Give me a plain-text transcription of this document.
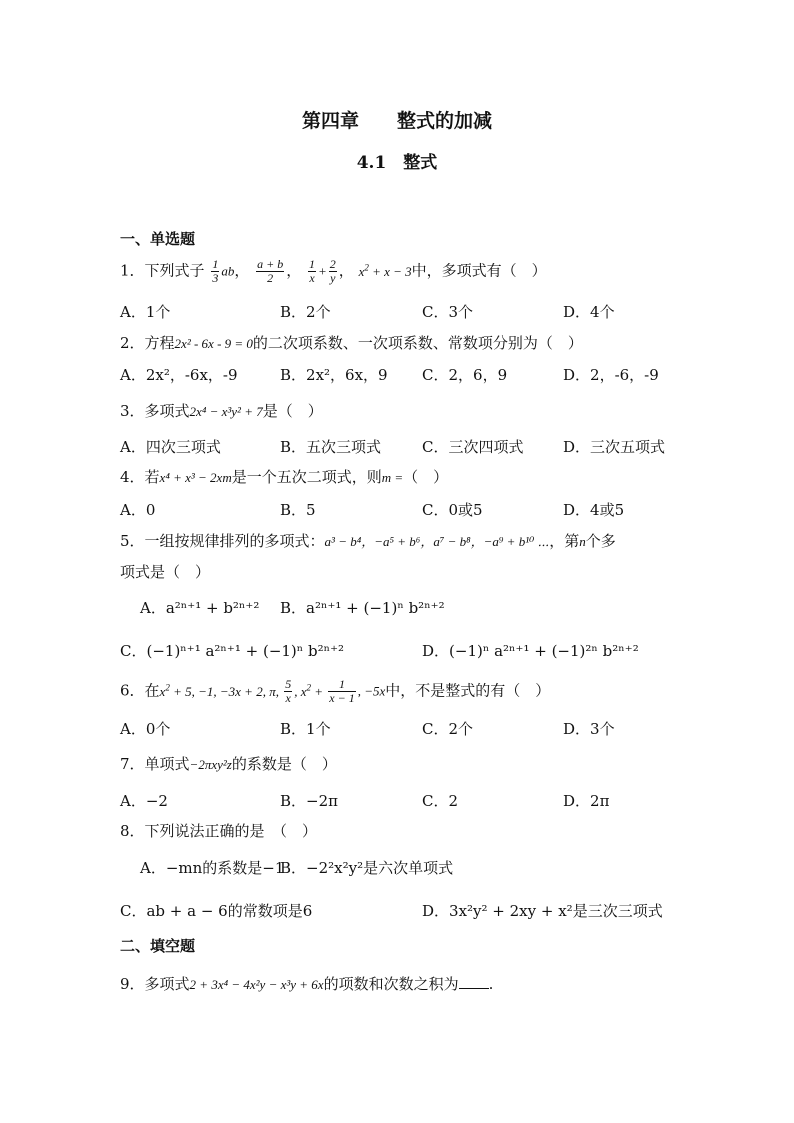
第四章　　整式的加减
4.1　整式
一、单选题
1．下列式子 $\frac{1}{3}$ ab， $\frac{a + b}{2}$ ， $\frac{1}{x} + \frac{2}{y}$ ， $x^2 + x - 3$中，多项式有（　）
A．1个	B．2个	C．3个	D．4个
2．方程2x² - 6x - 9 = 0的二次项系数、一次项系数、常数项分别为（　）
A．2x²，-6x，-9	B．2x²，6x，9 C．2，6，9	D．2，-6，-9
3．多项式2x⁴ − x³y² + 7是（　）
A．四次三项式	B．五次三项式	C．三次四项式	D．三次五项式
4．若x⁴ + x³ − 2xm是一个五次二项式，则m =（　）
A．0	B．5	C．0或5	D．4或5
5．一组按规律排列的多项式：a³ − b⁴，−a⁵ + b⁶，a⁷ − b⁸，−a⁹ + b¹⁰ ⋯，第n个多
项式是（　）
A．a²ⁿ⁺¹ + b²ⁿ⁺² B．a²ⁿ⁺¹ + (−1)ⁿ b²ⁿ⁺²
C．(−1)ⁿ⁺¹ a²ⁿ⁺¹ + (−1)ⁿ b²ⁿ⁺²	D．(−1)ⁿ a²ⁿ⁺¹ + (−1)²ⁿ b²ⁿ⁺²
6．在$x^2 + 5$, −1, −3x + 2, π, $\frac{5}{x}$ , $x^2 + \frac{1}{x - 1}$ , −5x中，不是整式的有（　）
A．0个	B．1个	C．2个	D．3个
7．单项式−2πxy²z的系数是（　）
A．−2	B．−2π	C．2	D．2π
8．下列说法正确的是　（　）
A．−mn的系数是−1
B．−2²x²y²是六次单项式
C．ab + a − 6的常数项是6	D．3x²y² + 2xy + x²是三次三项式
二、填空题
9．多项式2 + 3x⁴ − 4x²y − x³y + 6x的项数和次数之积为 .
